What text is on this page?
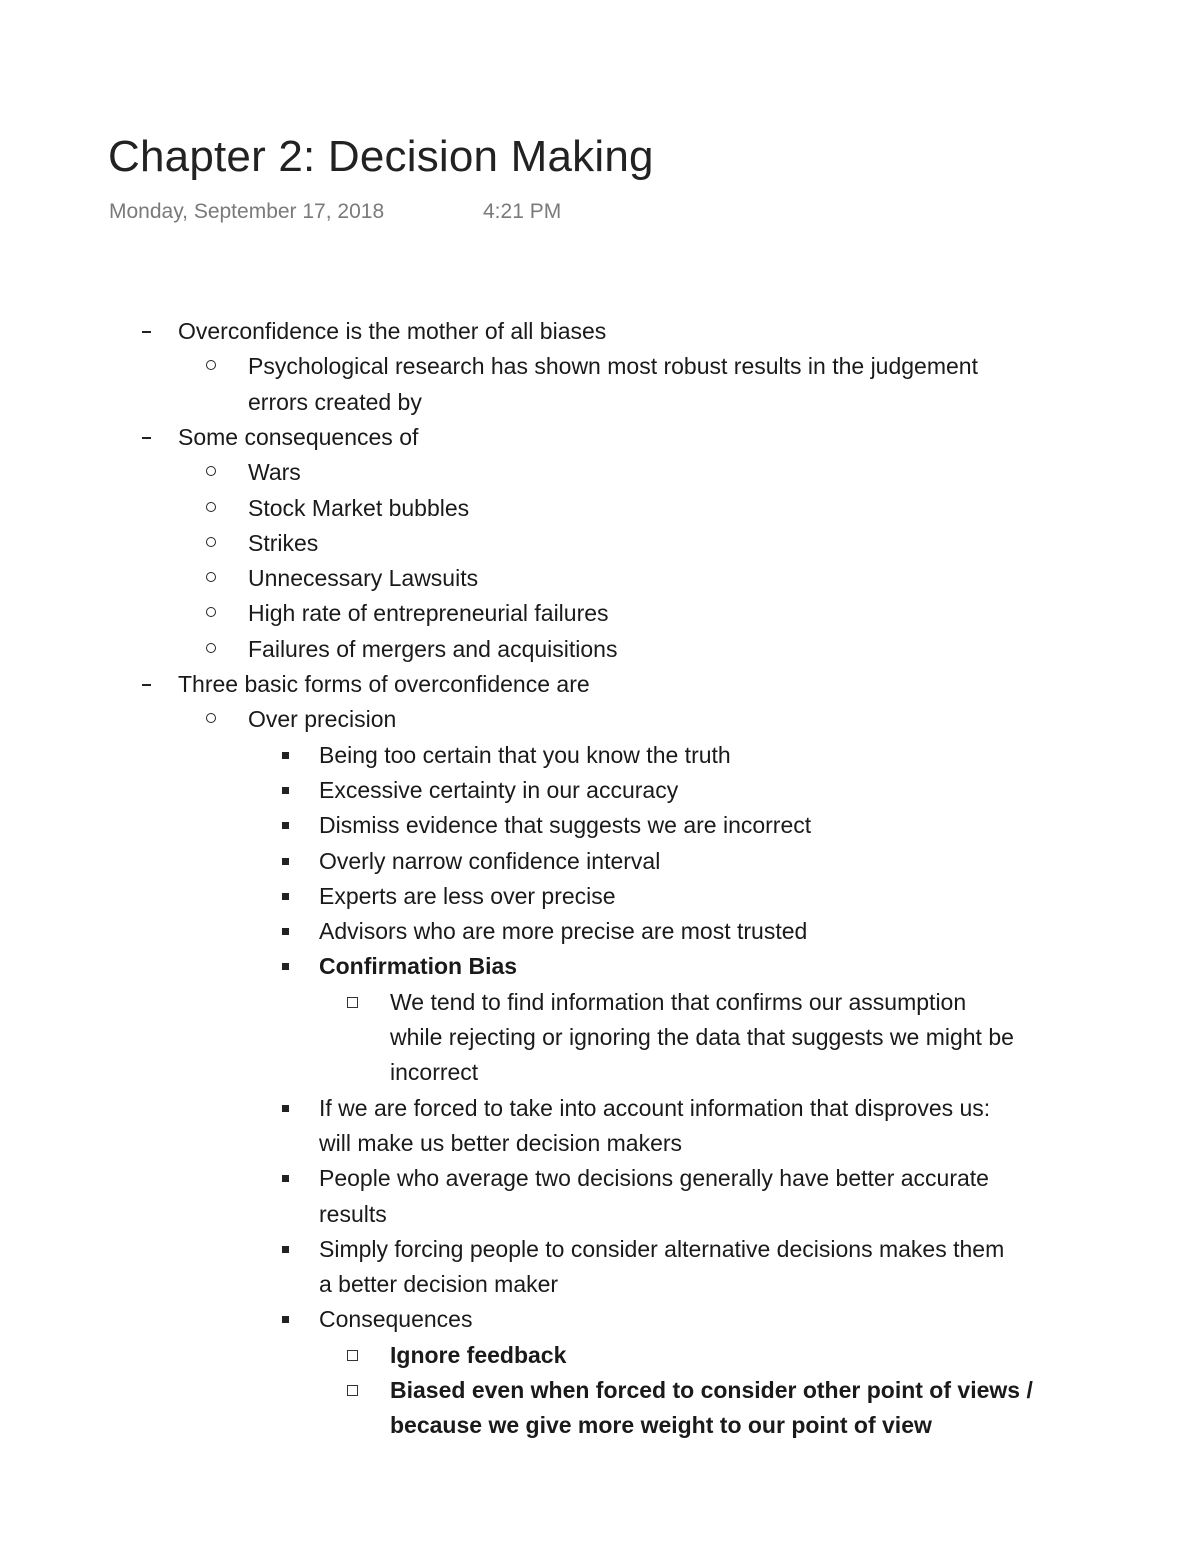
Chapter 2: Decision Making
Monday, September 17, 2018	4:21 PM
Overconfidence is the mother of all biases
Psychological research has shown most robust results in the judgement
errors created by
Some consequences of
Wars
Stock Market bubbles
Strikes
Unnecessary Lawsuits
High rate of entrepreneurial failures
Failures of mergers and acquisitions
Three basic forms of overconfidence are
Over precision
Being too certain that you know the truth
Excessive certainty in our accuracy
Dismiss evidence that suggests we are incorrect
Overly narrow confidence interval
Experts are less over precise
Advisors who are more precise are most trusted
Confirmation Bias
We tend to find information that confirms our assumption
while rejecting or ignoring the data that suggests we might be
incorrect
If we are forced to take into account information that disproves us:
will make us better decision makers
People who average two decisions generally have better accurate
results
Simply forcing people to consider alternative decisions makes them
a better decision maker
Consequences
Ignore feedback
Biased even when forced to consider other point of views /
because we give more weight to our point of view
